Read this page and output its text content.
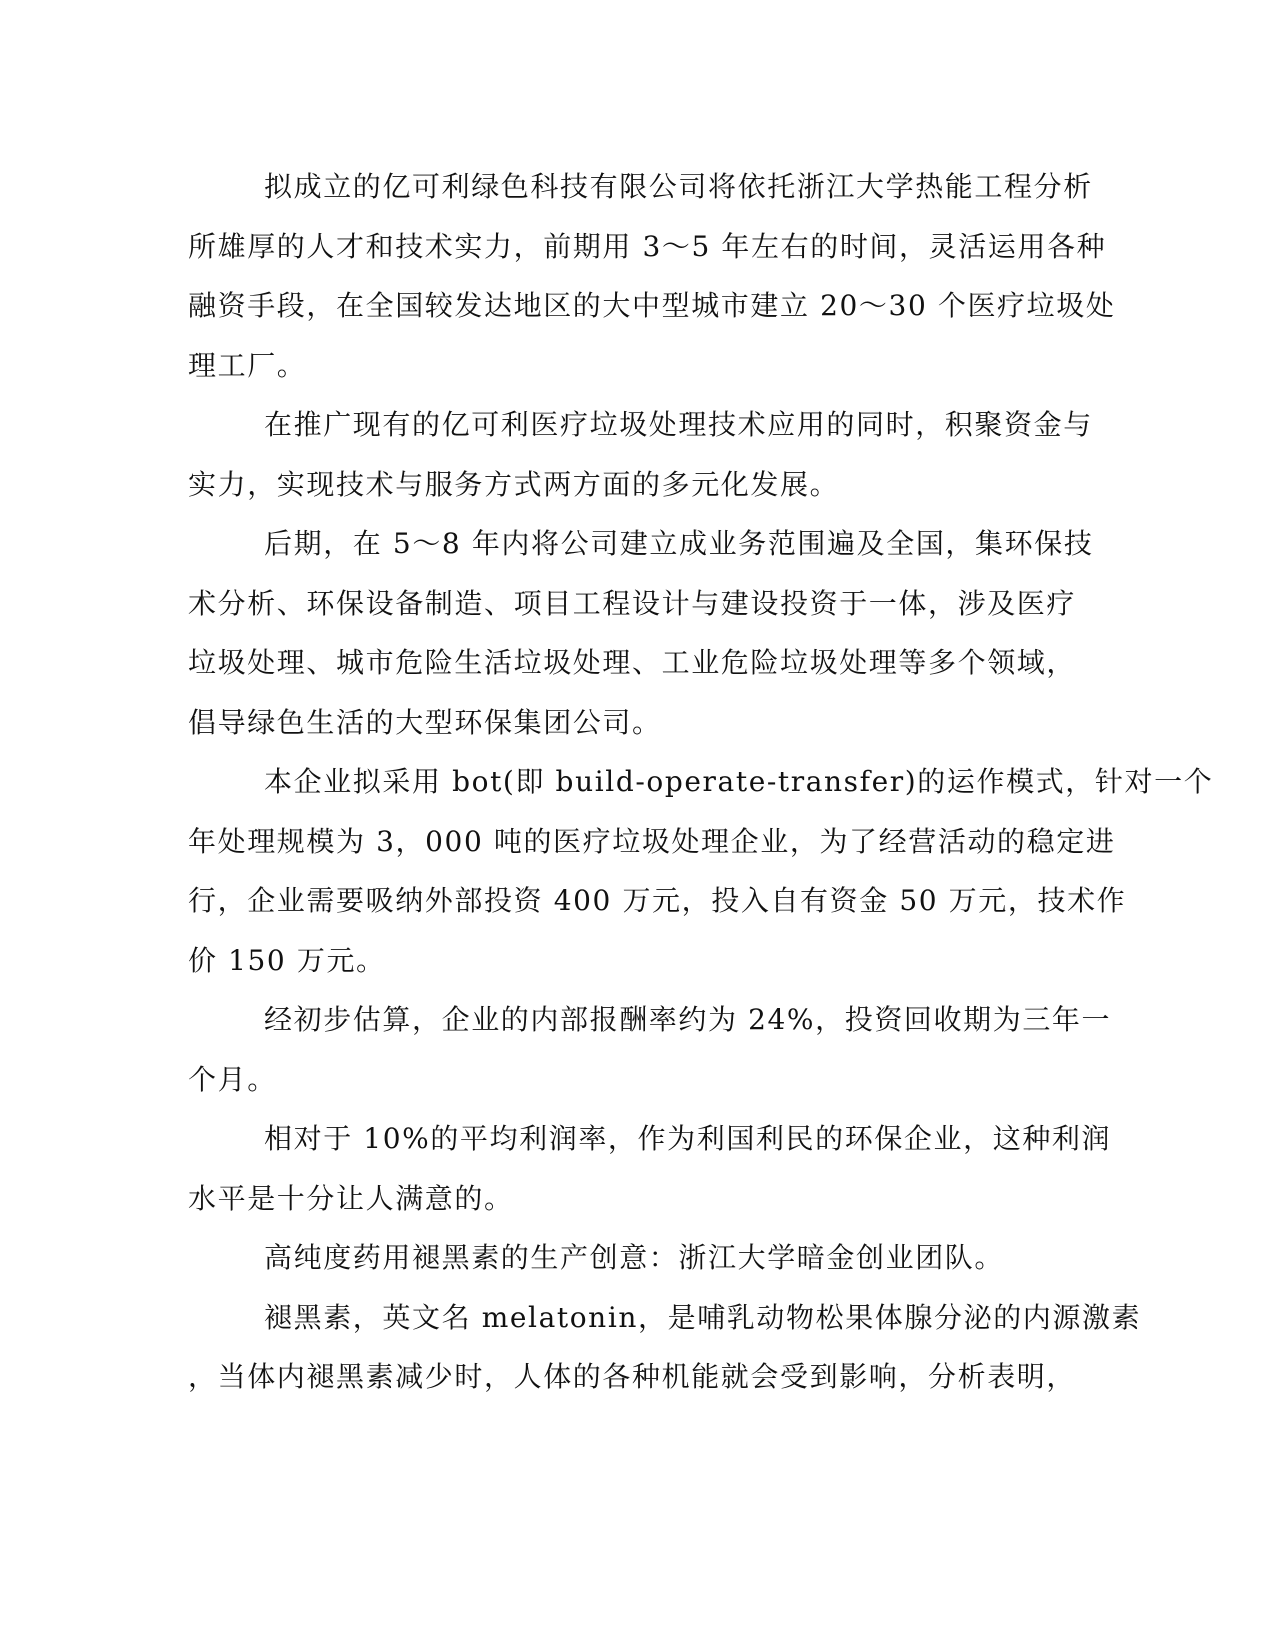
拟成立的亿可利绿色科技有限公司将依托浙江大学热能工程分析
所雄厚的人才和技术实力，前期用 3～5 年左右的时间，灵活运用各种
融资手段，在全国较发达地区的大中型城市建立 20～30 个医疗垃圾处
理工厂。
在推广现有的亿可利医疗垃圾处理技术应用的同时，积聚资金与
实力，实现技术与服务方式两方面的多元化发展。
后期，在 5～8 年内将公司建立成业务范围遍及全国，集环保技
术分析、环保设备制造、项目工程设计与建设投资于一体，涉及医疗
垃圾处理、城市危险生活垃圾处理、工业危险垃圾处理等多个领域，
倡导绿色生活的大型环保集团公司。
本企业拟采用 bot(即 build-operate-transfer)的运作模式，针对一个
年处理规模为 3，000 吨的医疗垃圾处理企业，为了经营活动的稳定进
行，企业需要吸纳外部投资 400 万元，投入自有资金 50 万元，技术作
价 150 万元。
经初步估算，企业的内部报酬率约为 24%，投资回收期为三年一
个月。
相对于 10%的平均利润率，作为利国利民的环保企业，这种利润
水平是十分让人满意的。
高纯度药用褪黑素的生产创意：浙江大学暗金创业团队。
褪黑素，英文名 melatonin，是哺乳动物松果体腺分泌的内源激素
，当体内褪黑素减少时，人体的各种机能就会受到影响，分析表明，
